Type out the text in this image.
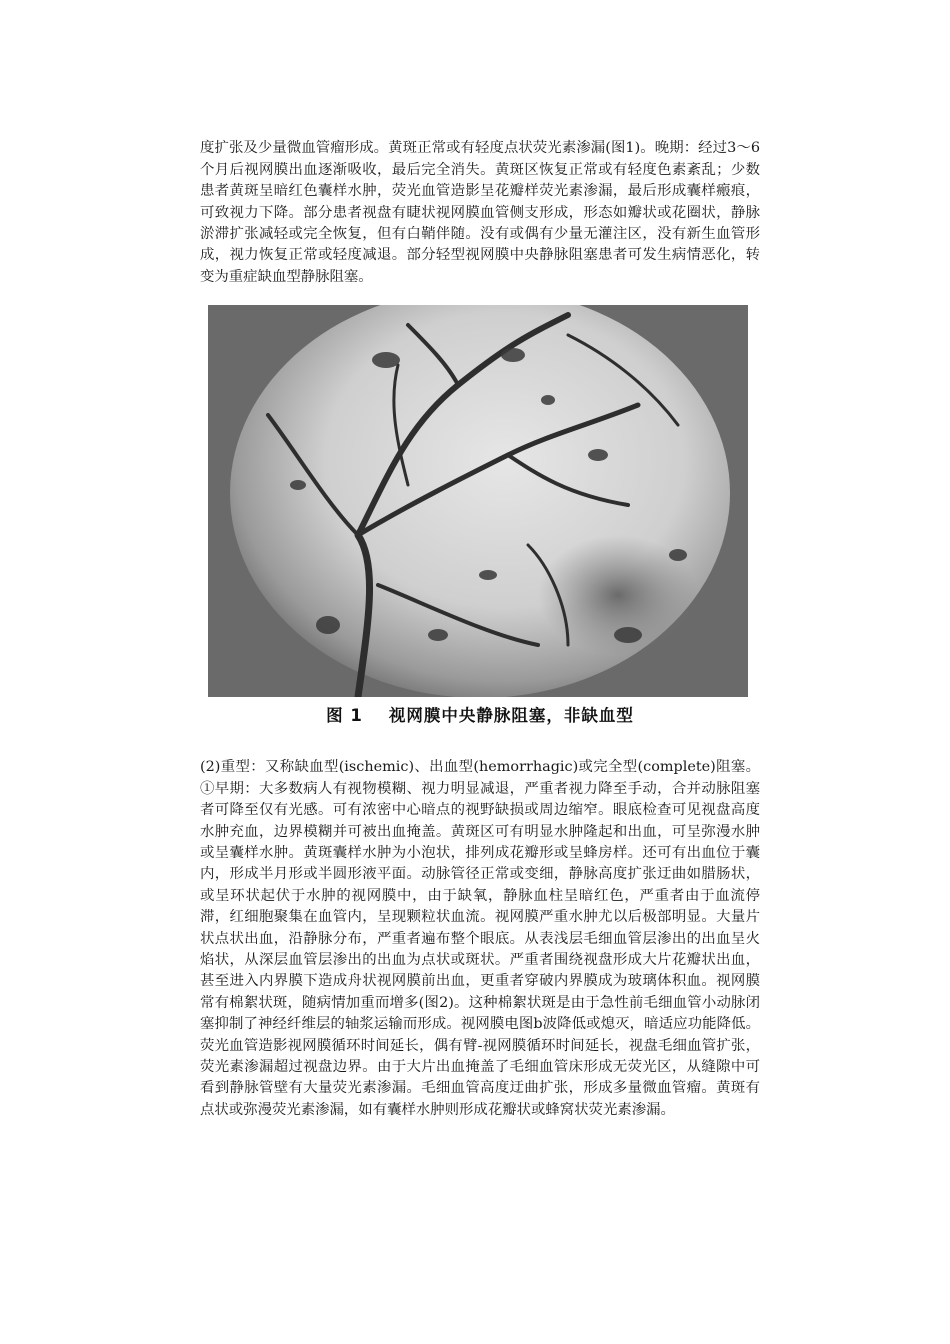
度扩张及少量微血管瘤形成。黄斑正常或有轻度点状荧光素渗漏(图1)。晚期：经过3～6个月后视网膜出血逐渐吸收，最后完全消失。黄斑区恢复正常或有轻度色素紊乱；少数患者黄斑呈暗红色囊样水肿，荧光血管造影呈花瓣样荧光素渗漏，最后形成囊样瘢痕，可致视力下降。部分患者视盘有睫状视网膜血管侧支形成，形态如瓣状或花圈状，静脉淤滞扩张减轻或完全恢复，但有白鞘伴随。没有或偶有少量无灌注区，没有新生血管形成，视力恢复正常或轻度减退。部分轻型视网膜中央静脉阻塞患者可发生病情恶化，转变为重症缺血型静脉阻塞。

图 1 视网膜中央静脉阻塞，非缺血型

(2)重型：又称缺血型(ischemic)、出血型(hemorrhagic)或完全型(complete)阻塞。①早期：大多数病人有视物模糊、视力明显减退，严重者视力降至手动，合并动脉阻塞者可降至仅有光感。可有浓密中心暗点的视野缺损或周边缩窄。眼底检查可见视盘高度水肿充血，边界模糊并可被出血掩盖。黄斑区可有明显水肿隆起和出血，可呈弥漫水肿或呈囊样水肿。黄斑囊样水肿为小泡状，排列成花瓣形或呈蜂房样。还可有出血位于囊内，形成半月形或半圆形液平面。动脉管径正常或变细，静脉高度扩张迂曲如腊肠状，或呈环状起伏于水肿的视网膜中，由于缺氧，静脉血柱呈暗红色，严重者由于血流停滞，红细胞聚集在血管内，呈现颗粒状血流。视网膜严重水肿尤以后极部明显。大量片状点状出血，沿静脉分布，严重者遍布整个眼底。从表浅层毛细血管层渗出的出血呈火焰状，从深层血管层渗出的出血为点状或斑状。严重者围绕视盘形成大片花瓣状出血，甚至进入内界膜下造成舟状视网膜前出血，更重者穿破内界膜成为玻璃体积血。视网膜常有棉絮状斑，随病情加重而增多(图2)。这种棉絮状斑是由于急性前毛细血管小动脉闭塞抑制了神经纤维层的轴浆运输而形成。视网膜电图b波降低或熄灭，暗适应功能降低。荧光血管造影视网膜循环时间延长，偶有臂-视网膜循环时间延长，视盘毛细血管扩张，荧光素渗漏超过视盘边界。由于大片出血掩盖了毛细血管床形成无荧光区，从缝隙中可看到静脉管壁有大量荧光素渗漏。毛细血管高度迂曲扩张，形成多量微血管瘤。黄斑有点状或弥漫荧光素渗漏，如有囊样水肿则形成花瓣状或蜂窝状荧光素渗漏。
